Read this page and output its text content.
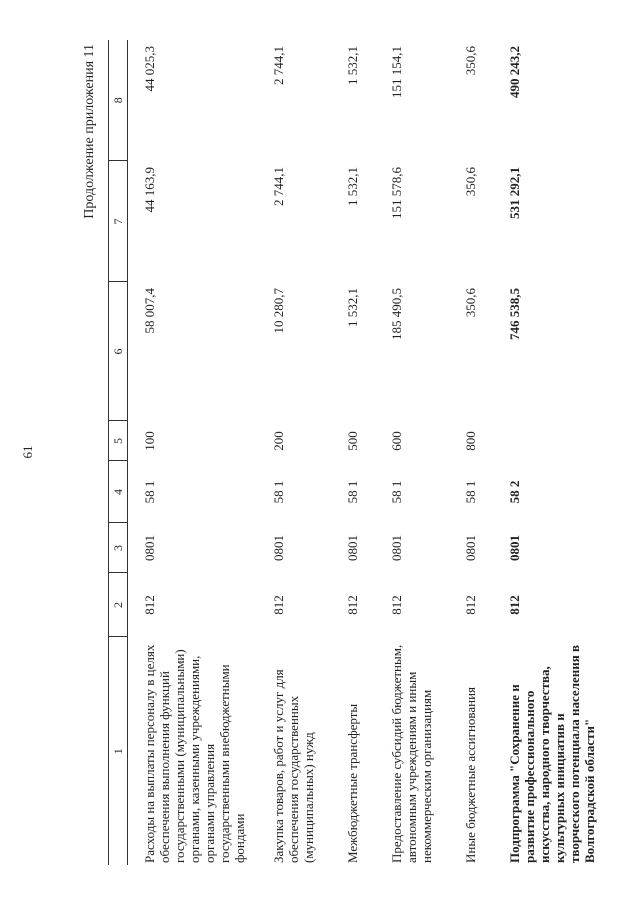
61
Продолжение приложения 11
1	2	3	4	5	6	7	8
Расходы на выплаты персоналу в целях обеспечения выполнения функций государственными (муниципальными) органами, казенными учреждениями, органами управления государственными внебюджетными фондами	812	0801	58 1	100	58 007,4	44 163,9	44 025,3
Закупка товаров, работ и услуг для обеспечения государственных (муниципальных) нужд	812	0801	58 1	200	10 280,7	2 744,1	2 744,1
Межбюджетные трансферты	812	0801	58 1	500	1 532,1	1 532,1	1 532,1
Предоставление субсидий бюджетным, автономным учреждениям и иным некоммерческим организациям	812	0801	58 1	600	185 490,5	151 578,6	151 154,1
Иные бюджетные ассигнования	812	0801	58 1	800	350,6	350,6	350,6
Подпрограмма "Сохранение и развитие профессионального искусства, народного творчества, культурных инициатив и творческого потенциала населения в Волгоградской области"	812	0801	58 2		746 538,5	531 292,1	490 243,2
